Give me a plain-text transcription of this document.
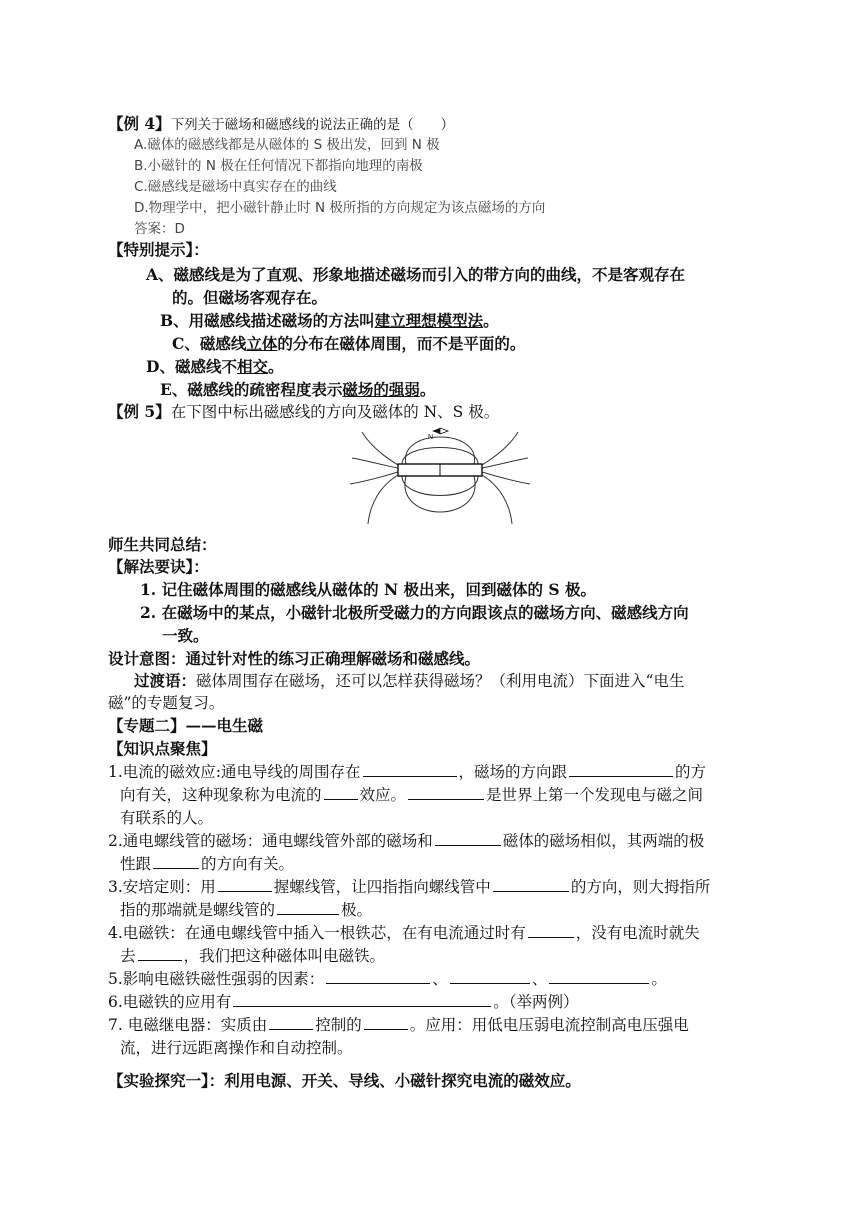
【例 4】下列关于磁场和磁感线的说法正确的是（　　）
A.磁体的磁感线都是从磁体的 S 极出发，回到 N 极
B.小磁针的 N 极在任何情况下都指向地理的南极
C.磁感线是磁场中真实存在的曲线
D.物理学中，把小磁针静止时 N 极所指的方向规定为该点磁场的方向
答案：D
【特别提示】：
A、磁感线是为了直观、形象地描述磁场而引入的带方向的曲线，不是客观存在
的。但磁场客观存在。
B、用磁感线描述磁场的方法叫建立理想模型法。
C、磁感线立体的分布在磁体周围，而不是平面的。
D、磁感线不相交。
E、磁感线的疏密程度表示磁场的强弱。
【例 5】在下图中标出磁感线的方向及磁体的 N、S 极。
N
师生共同总结：
【解法要诀】：
1. 记住磁体周围的磁感线从磁体的 N 极出来，回到磁体的 S 极。
2. 在磁场中的某点，小磁针北极所受磁力的方向跟该点的磁场方向、磁感线方向
一致。
设计意图：通过针对性的练习正确理解磁场和磁感线。
过渡语：磁体周围存在磁场，还可以怎样获得磁场？（利用电流）下面进入“电生
磁”的专题复习。
【专题二】——电生磁
【知识点聚焦】
1.电流的磁效应:通电导线的周围存在	，磁场的方向跟	的方
向有关，这种现象称为电流的 效应。	是世界上第一个发现电与磁之间
有联系的人。
2.通电螺线管的磁场：通电螺线管外部的磁场和	磁体的磁场相似，其两端的极
性跟	的方向有关。
3.安培定则：用	握螺线管，让四指指向螺线管中	的方向，则大拇指所
指的那端就是螺线管的	极。
4.电磁铁：在通电螺线管中插入一根铁芯，在有电流通过时有	，没有电流时就失
去	，我们把这种磁体叫电磁铁。
5.影响电磁铁磁性强弱的因素：	、	、	。
6.电磁铁的应用有	。（举两例）
7. 电磁继电器：实质由	控制的	。应用：用低电压弱电流控制高电压强电
流，进行远距离操作和自动控制。
【实验探究一】：利用电源、开关、导线、小磁针探究电流的磁效应。
